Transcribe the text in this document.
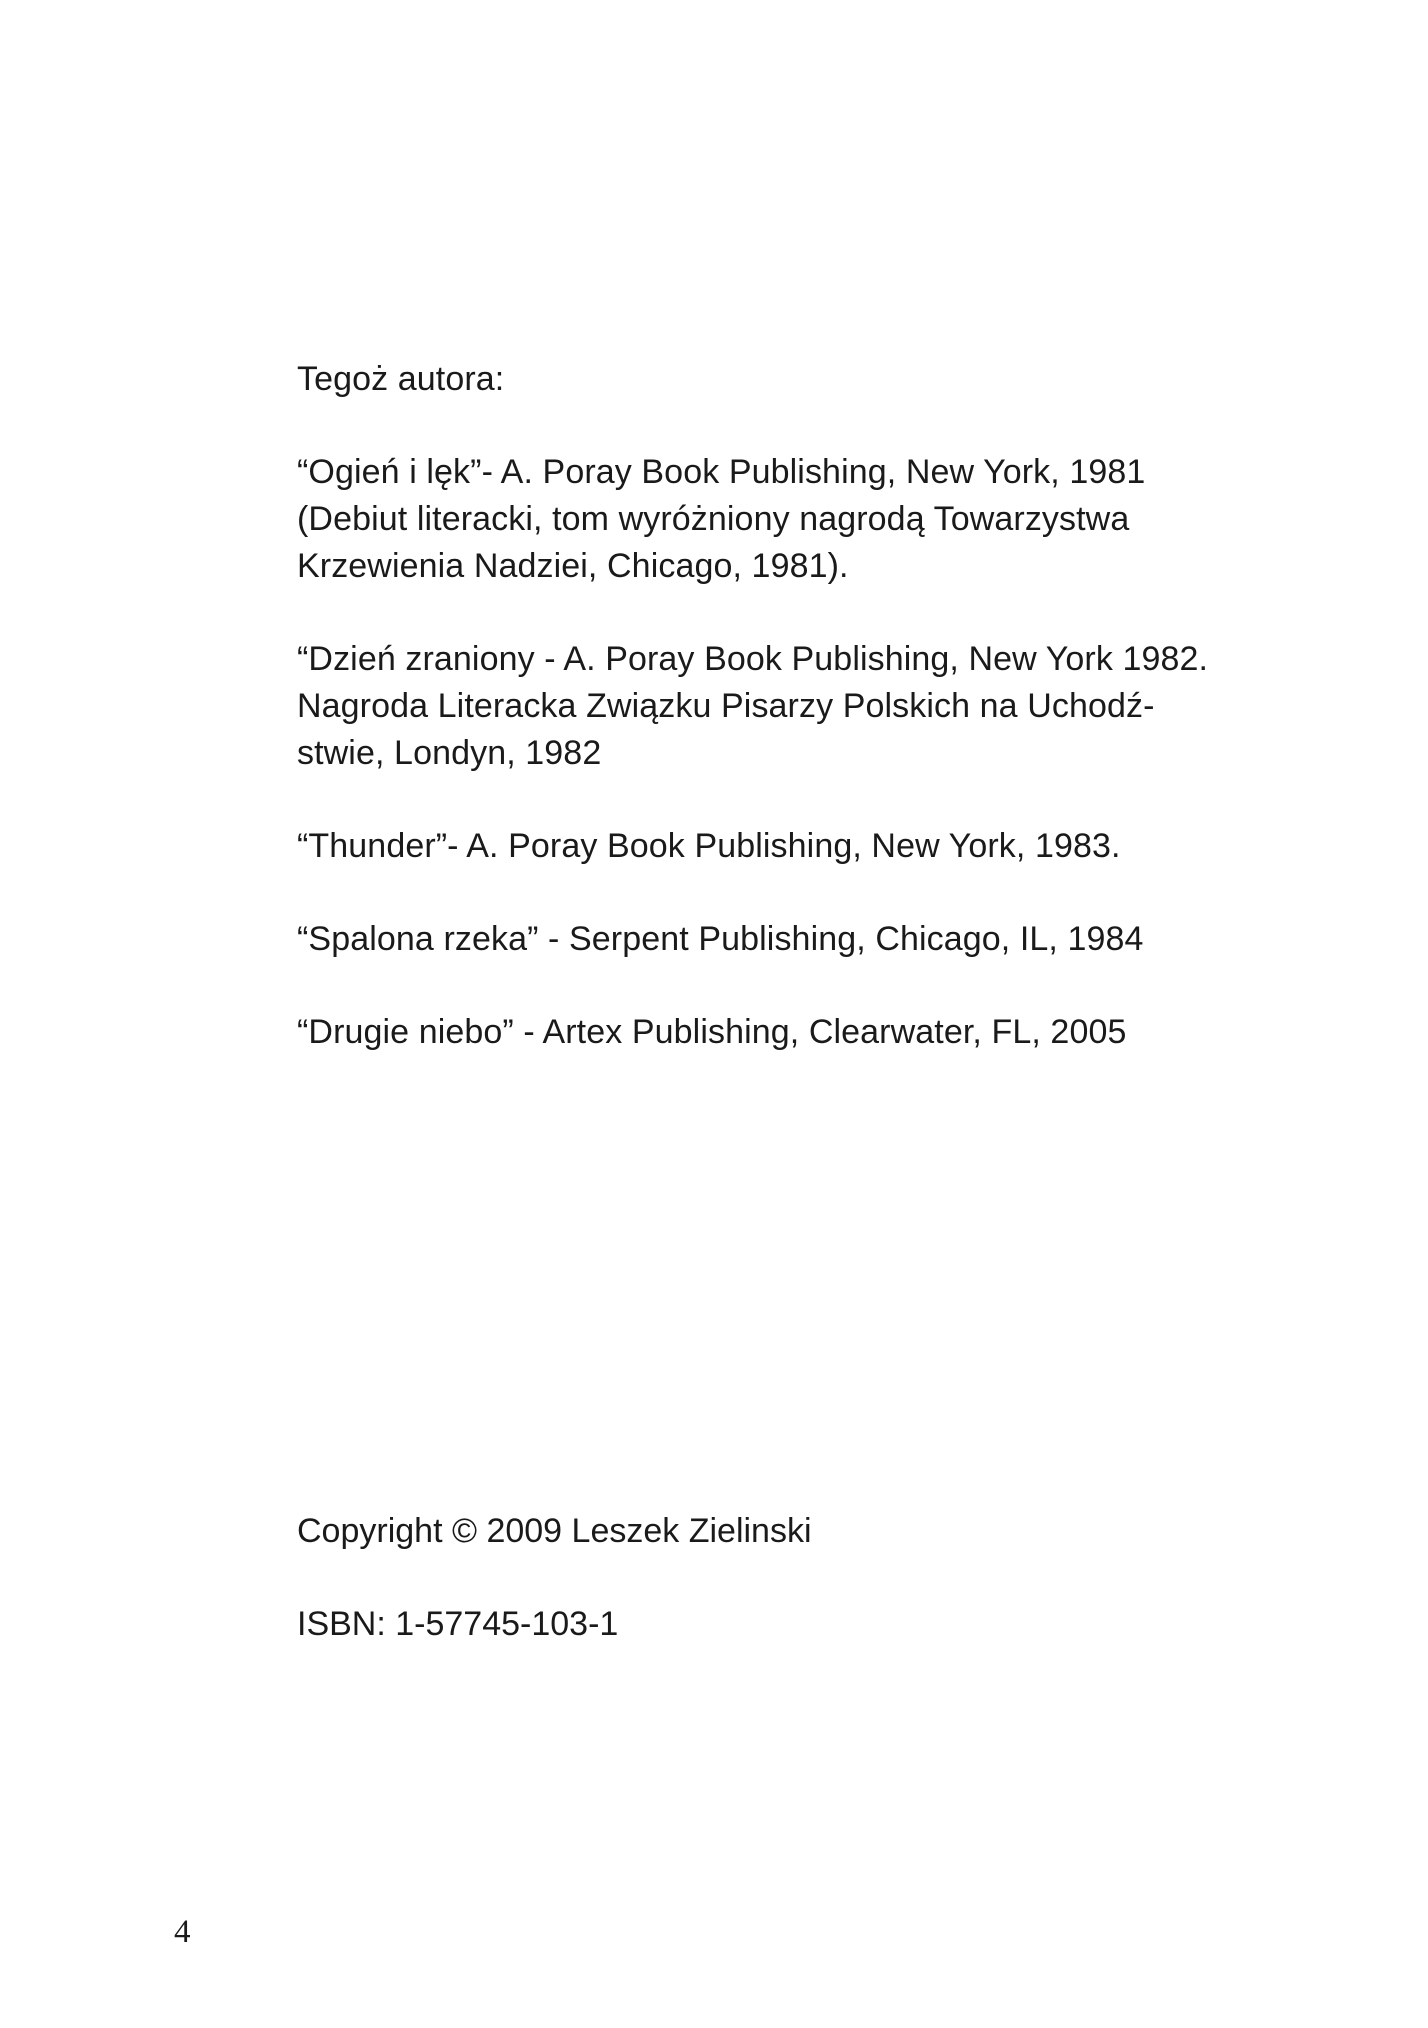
Tegoż autora:
“Ogień i lęk”- A. Poray Book Publishing, New York, 1981
(Debiut literacki, tom wyróżniony nagrodą Towarzystwa
Krzewienia Nadziei, Chicago, 1981).
“Dzień zraniony - A. Poray Book Publishing, New York 1982.
Nagroda Literacka Związku Pisarzy Polskich na Uchodź-
stwie, Londyn, 1982
“Thunder”- A. Poray Book Publishing, New York, 1983.
“Spalona rzeka” - Serpent Publishing, Chicago, IL, 1984
“Drugie niebo” - Artex Publishing, Clearwater, FL, 2005
Copyright © 2009 Leszek Zielinski
ISBN: 1-57745-103-1
4
